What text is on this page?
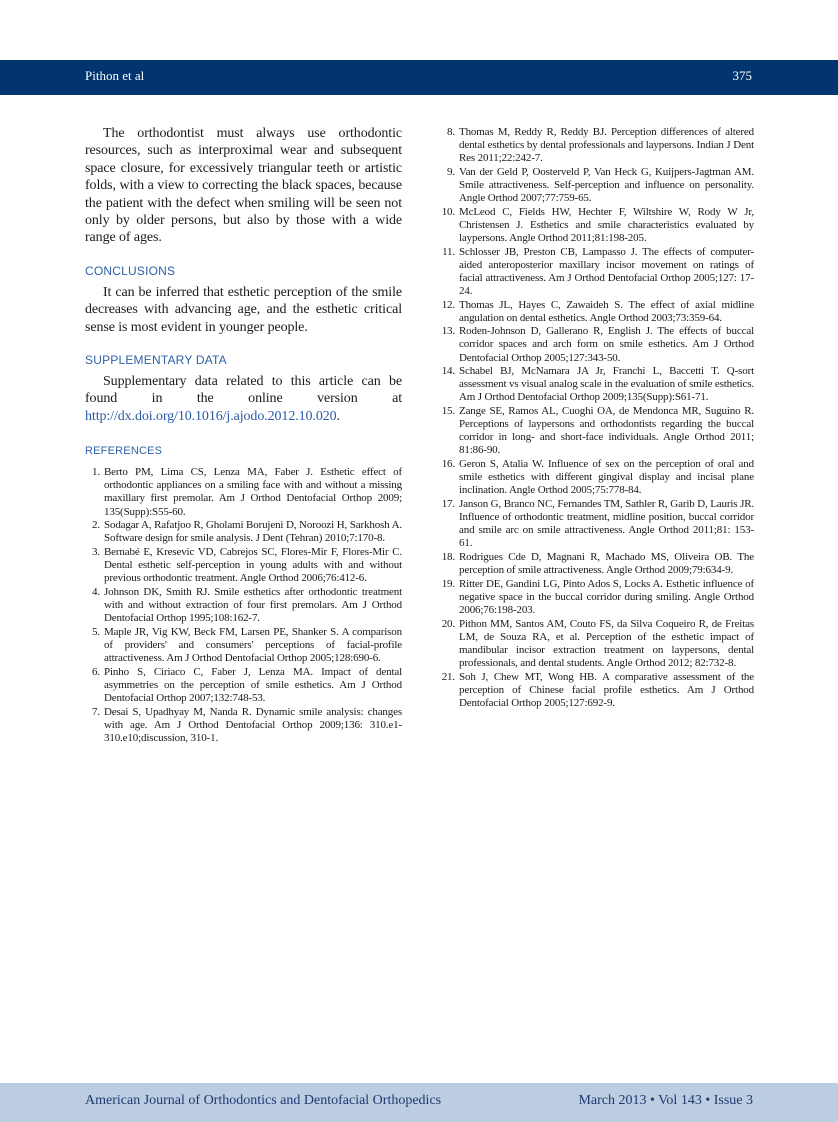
Pithon et al	375

The orthodontist must always use orthodontic resources, such as interproximal wear and subsequent space closure, for excessively triangular teeth or artistic folds, with a view to correcting the black spaces, because the patient with the defect when smiling will be seen not only by older persons, but also by those with a wide range of ages.

CONCLUSIONS

It can be inferred that esthetic perception of the smile decreases with advancing age, and the esthetic critical sense is most evident in younger people.

SUPPLEMENTARY DATA

Supplementary data related to this article can be found in the online version at http://dx.doi.org/10.1016/j.ajodo.2012.10.020.

REFERENCES
1. Berto PM, Lima CS, Lenza MA, Faber J. Esthetic effect of orthodontic appliances on a smiling face with and without a missing maxillary first premolar. Am J Orthod Dentofacial Orthop 2009; 135(Supp):S55-60.
2. Sodagar A, Rafatjoo R, Gholami Borujeni D, Noroozi H, Sarkhosh A. Software design for smile analysis. J Dent (Tehran) 2010;7:170-8.
3. Bernabé E, Kresevic VD, Cabrejos SC, Flores-Mir F, Flores-Mir C. Dental esthetic self-perception in young adults with and without previous orthodontic treatment. Angle Orthod 2006;76:412-6.
4. Johnson DK, Smith RJ. Smile esthetics after orthodontic treatment with and without extraction of four first premolars. Am J Orthod Dentofacial Orthop 1995;108:162-7.
5. Maple JR, Vig KW, Beck FM, Larsen PE, Shanker S. A comparison of providers' and consumers' perceptions of facial-profile attractiveness. Am J Orthod Dentofacial Orthop 2005;128:690-6.
6. Pinho S, Ciriaco C, Faber J, Lenza MA. Impact of dental asymmetries on the perception of smile esthetics. Am J Orthod Dentofacial Orthop 2007;132:748-53.
7. Desai S, Upadhyay M, Nanda R. Dynamic smile analysis: changes with age. Am J Orthod Dentofacial Orthop 2009;136: 310.e1-310.e10;discussion, 310-1.
8. Thomas M, Reddy R, Reddy BJ. Perception differences of altered dental esthetics by dental professionals and laypersons. Indian J Dent Res 2011;22:242-7.
9. Van der Geld P, Oosterveld P, Van Heck G, Kuijpers-Jagtman AM. Smile attractiveness. Self-perception and influence on personality. Angle Orthod 2007;77:759-65.
10. McLeod C, Fields HW, Hechter F, Wiltshire W, Rody W Jr, Christensen J. Esthetics and smile characteristics evaluated by laypersons. Angle Orthod 2011;81:198-205.
11. Schlosser JB, Preston CB, Lampasso J. The effects of computer-aided anteroposterior maxillary incisor movement on ratings of facial attractiveness. Am J Orthod Dentofacial Orthop 2005;127: 17-24.
12. Thomas JL, Hayes C, Zawaideh S. The effect of axial midline angulation on dental esthetics. Angle Orthod 2003;73:359-64.
13. Roden-Johnson D, Gallerano R, English J. The effects of buccal corridor spaces and arch form on smile esthetics. Am J Orthod Dentofacial Orthop 2005;127:343-50.
14. Schabel BJ, McNamara JA Jr, Franchi L, Baccetti T. Q-sort assessment vs visual analog scale in the evaluation of smile esthetics. Am J Orthod Dentofacial Orthop 2009;135(Supp):S61-71.
15. Zange SE, Ramos AL, Cuoghi OA, de Mendonca MR, Suguino R. Perceptions of laypersons and orthodontists regarding the buccal corridor in long- and short-face individuals. Angle Orthod 2011; 81:86-90.
16. Geron S, Atalia W. Influence of sex on the perception of oral and smile esthetics with different gingival display and incisal plane inclination. Angle Orthod 2005;75:778-84.
17. Janson G, Branco NC, Fernandes TM, Sathler R, Garib D, Lauris JR. Influence of orthodontic treatment, midline position, buccal corridor and smile arc on smile attractiveness. Angle Orthod 2011;81: 153-61.
18. Rodrigues Cde D, Magnani R, Machado MS, Oliveira OB. The perception of smile attractiveness. Angle Orthod 2009;79:634-9.
19. Ritter DE, Gandini LG, Pinto Ados S, Locks A. Esthetic influence of negative space in the buccal corridor during smiling. Angle Orthod 2006;76:198-203.
20. Pithon MM, Santos AM, Couto FS, da Silva Coqueiro R, de Freitas LM, de Souza RA, et al. Perception of the esthetic impact of mandibular incisor extraction treatment on laypersons, dental professionals, and dental students. Angle Orthod 2012; 82:732-8.
21. Soh J, Chew MT, Wong HB. A comparative assessment of the perception of Chinese facial profile esthetics. Am J Orthod Dentofacial Orthop 2005;127:692-9.
American Journal of Orthodontics and Dentofacial Orthopedics	March 2013 • Vol 143 • Issue 3
